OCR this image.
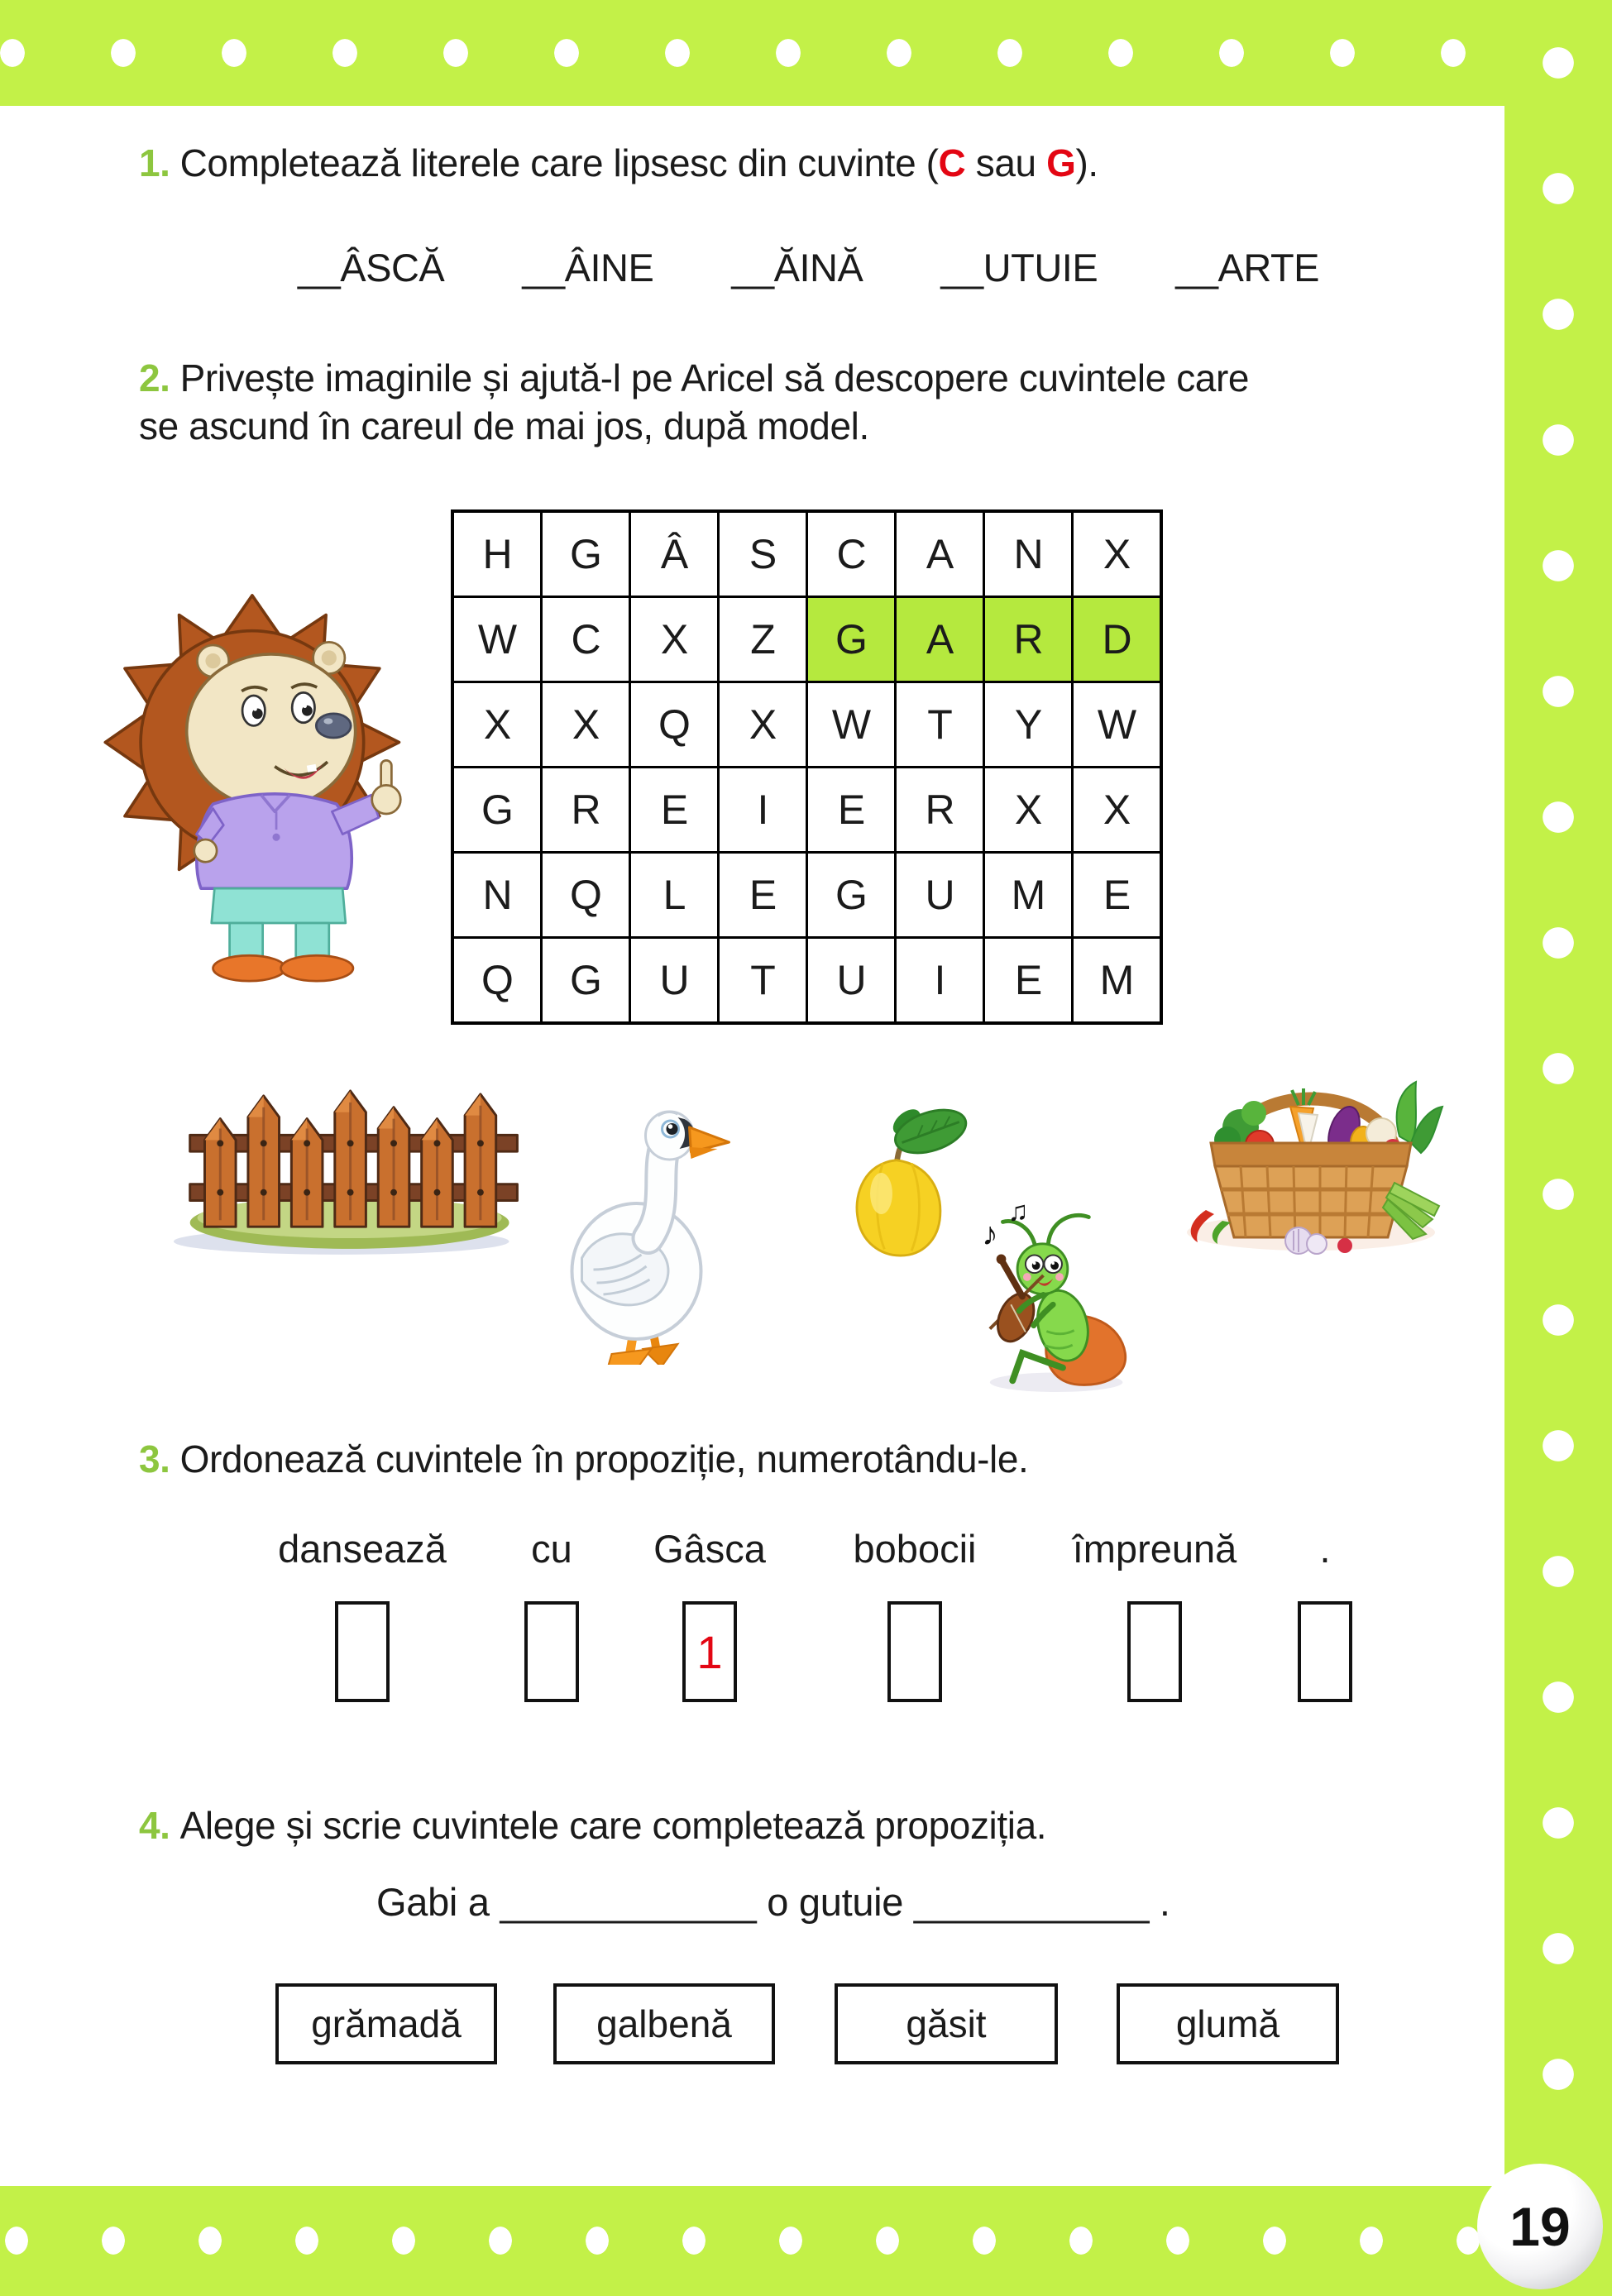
1. Completează literele care lipsesc din cuvinte (C sau G).
__ÂSCĂ __ÂINE __ĂINĂ __UTUIE __ARTE
2. Privește imaginile și ajută-l pe Aricel să descopere cuvintele care
se ascund în careul de mai jos, după model.
H	G	Â	S	C	A	N	X
W	C	X	Z	G	A	R	D
X	X	Q	X	W	T	Y	W
G	R	E	I	E	R	X	X
N	Q	L	E	G	U	M	E
Q	G	U	T	U	I	E	M
♪
♫
3. Ordonează cuvintele în propoziție, numerotându-le.
dansează cu Gâsca bobocii împreună .
1
4. Alege și scrie cuvintele care completează propoziția.
Gabi a ____________ o gutuie ___________ .
grămadă	galbenă	găsit	glumă
19
